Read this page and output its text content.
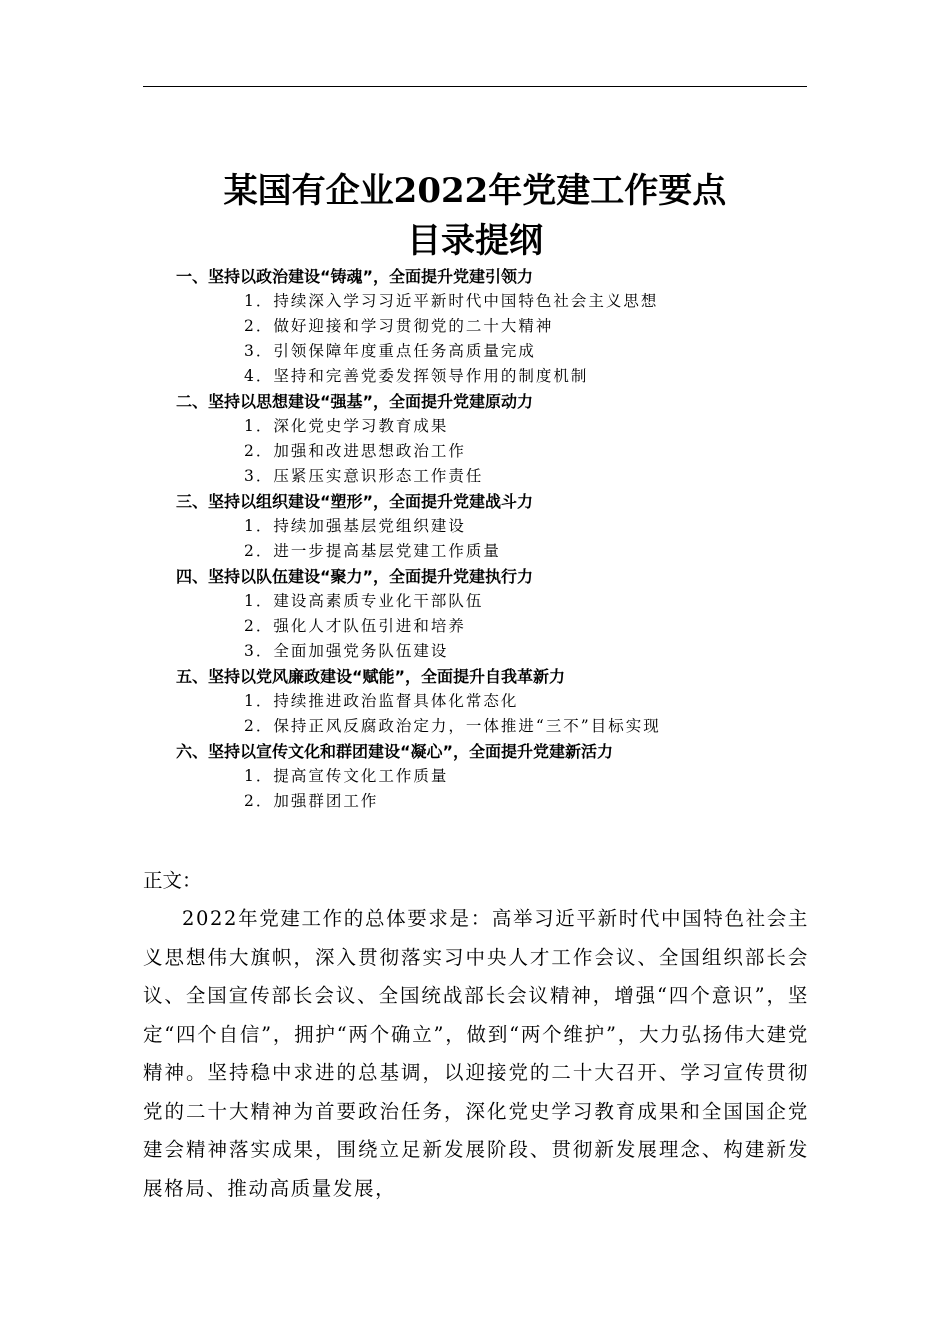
某国有企业2022年党建工作要点
目录提纲
一、坚持以政治建设“铸魂”，全面提升党建引领力
1．持续深入学习习近平新时代中国特色社会主义思想
2．做好迎接和学习贯彻党的二十大精神
3．引领保障年度重点任务高质量完成
4．坚持和完善党委发挥领导作用的制度机制
二、坚持以思想建设“强基”，全面提升党建原动力
1．深化党史学习教育成果
2．加强和改进思想政治工作
3．压紧压实意识形态工作责任
三、坚持以组织建设“塑形”，全面提升党建战斗力
1．持续加强基层党组织建设
2．进一步提高基层党建工作质量
四、坚持以队伍建设“聚力”，全面提升党建执行力
1．建设高素质专业化干部队伍
2．强化人才队伍引进和培养
3．全面加强党务队伍建设
五、坚持以党风廉政建设“赋能”，全面提升自我革新力
1．持续推进政治监督具体化常态化
2．保持正风反腐政治定力，一体推进“三不”目标实现
六、坚持以宣传文化和群团建设“凝心”，全面提升党建新活力
1．提高宣传文化工作质量
2．加强群团工作

正文：

2022年党建工作的总体要求是：高举习近平新时代中国特色社会主义思想伟大旗帜，深入贯彻落实习中央人才工作会议、全国组织部长会议、全国宣传部长会议、全国统战部长会议精神，增强“四个意识”，坚定“四个自信”，拥护“两个确立”，做到“两个维护”，大力弘扬伟大建党精神。坚持稳中求进的总基调，以迎接党的二十大召开、学习宣传贯彻党的二十大精神为首要政治任务，深化党史学习教育成果和全国国企党建会精神落实成果，围绕立足新发展阶段、贯彻新发展理念、构建新发展格局、推动高质量发展，
